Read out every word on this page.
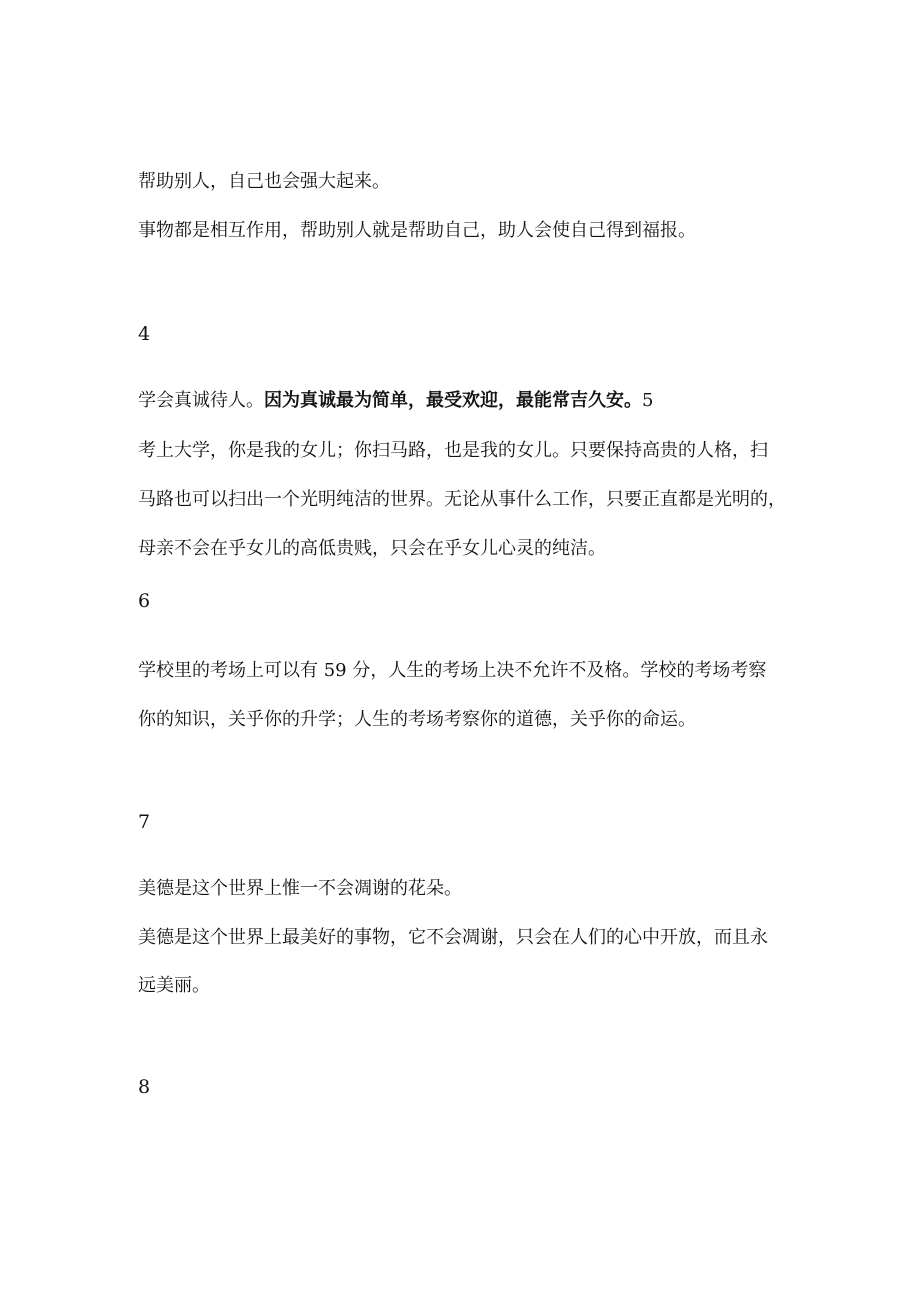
帮助别人，自己也会强大起来。

事物都是相互作用，帮助别人就是帮助自己，助人会使自己得到福报。

4

学会真诚待人。因为真诚最为简单，最受欢迎，最能常吉久安。5

考上大学，你是我的女儿；你扫马路，也是我的女儿。只要保持高贵的人格，扫

马路也可以扫出一个光明纯洁的世界。无论从事什么工作，只要正直都是光明的，

母亲不会在乎女儿的高低贵贱，只会在乎女儿心灵的纯洁。

6

学校里的考场上可以有 59 分，人生的考场上决不允许不及格。学校的考场考察

你的知识，关乎你的升学；人生的考场考察你的道德，关乎你的命运。

7

美德是这个世界上惟一不会凋谢的花朵。

美德是这个世界上最美好的事物，它不会凋谢，只会在人们的心中开放，而且永

远美丽。

8
